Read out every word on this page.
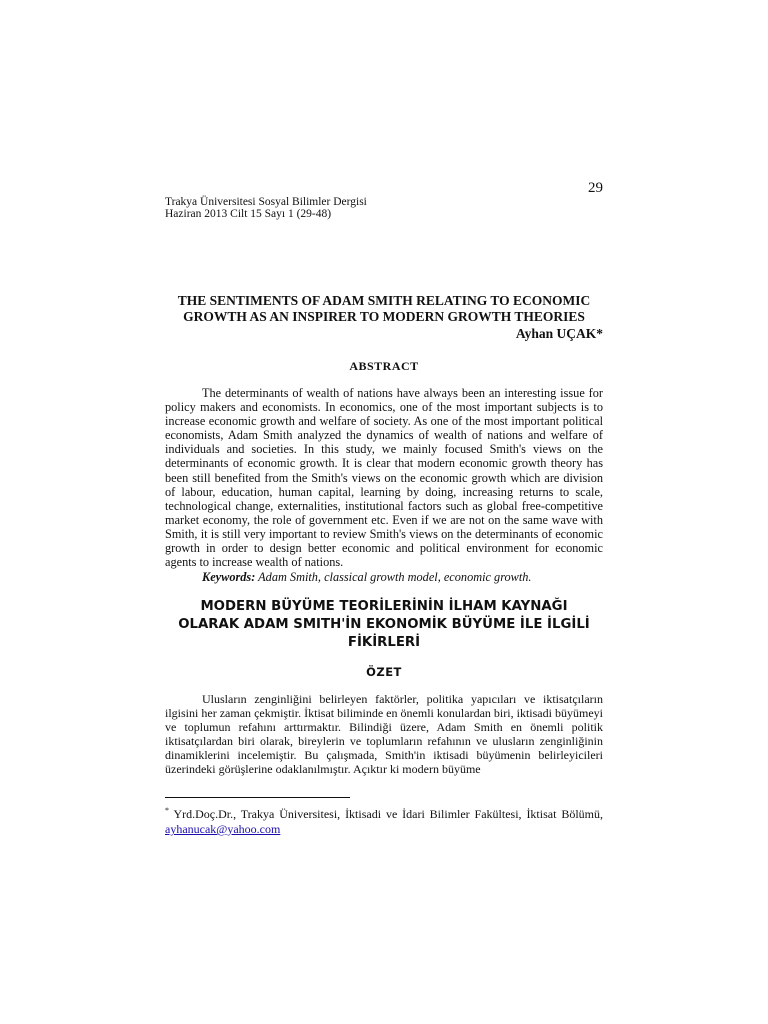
29
Trakya Üniversitesi Sosyal Bilimler Dergisi
Haziran 2013 Cilt 15 Sayı 1 (29-48)
THE SENTIMENTS OF ADAM SMITH RELATING TO ECONOMIC
GROWTH AS AN INSPIRER TO MODERN GROWTH THEORIES
Ayhan UÇAK*
ABSTRACT

The determinants of wealth of nations have always been an interesting issue for policy makers and economists. In economics, one of the most important subjects is to increase economic growth and welfare of society. As one of the most important political economists, Adam Smith analyzed the dynamics of wealth of nations and welfare of individuals and societies. In this study, we mainly focused Smith's views on the determinants of economic growth. It is clear that modern economic growth theory has been still benefited from the Smith's views on the economic growth which are division of labour, education, human capital, learning by doing, increasing returns to scale, technological change, externalities, institutional factors such as global free-competitive market economy, the role of government etc. Even if we are not on the same wave with Smith, it is still very important to review Smith's views on the determinants of economic growth in order to design better economic and political environment for economic agents to increase wealth of nations.

Keywords: Adam Smith, classical growth model, economic growth.
MODERN BÜYÜME TEORİLERİNİN İLHAM KAYNAĞI
OLARAK ADAM SMITH'İN EKONOMİK BÜYÜME İLE İLGİLİ
FİKİRLERİ
ÖZET

Ulusların zenginliğini belirleyen faktörler, politika yapıcıları ve iktisatçıların ilgisini her zaman çekmiştir. İktisat biliminde en önemli konulardan biri, iktisadi büyümeyi ve toplumun refahını arttırmaktır. Bilindiği üzere, Adam Smith en önemli politik iktisatçılardan biri olarak, bireylerin ve toplumların refahının ve ulusların zenginliğinin dinamiklerini incelemiştir. Bu çalışmada, Smith'in iktisadi büyümenin belirleyicileri üzerindeki görüşlerine odaklanılmıştır. Açıktır ki modern büyüme

* Yrd.Doç.Dr., Trakya Üniversitesi, İktisadi ve İdari Bilimler Fakültesi, İktisat Bölümü, ayhanucak@yahoo.com
